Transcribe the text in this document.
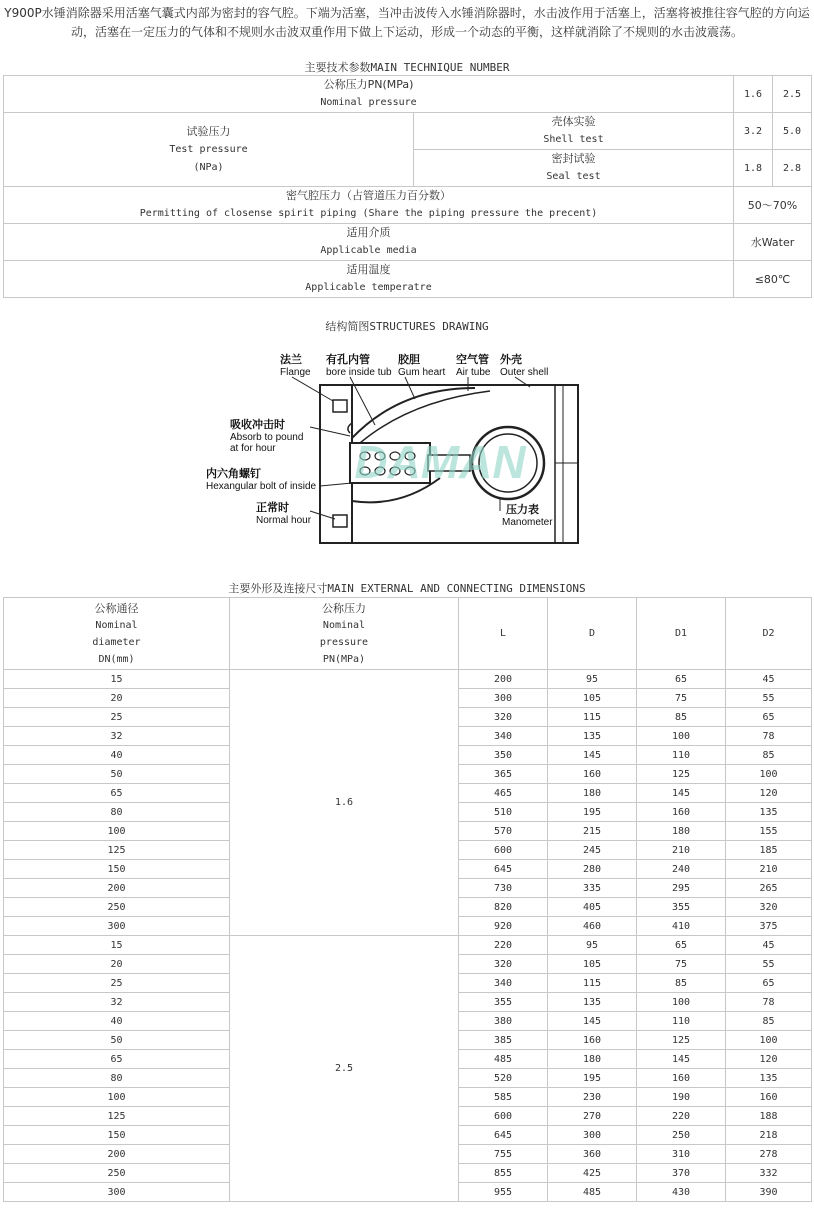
Y900P水锤消除器采用活塞气囊式内部为密封的容气腔。下端为活塞，当冲击波传入水锤消除器时，水击波作用于活塞上，活塞将被推往容气腔的方向运
动，活塞在一定压力的气体和不规则水击波双重作用下做上下运动，形成一个动态的平衡，这样就消除了不规则的水击波震荡。
主要技术参数MAIN TECHNIQUE NUMBER
公称压力PN(MPa)
Nominal pressure		1.6	2.5

试验压力
Test pressure
(NPa)	壳体实验
Shell test	3.2	5.0

	密封试验
Seal test	1.8	2.8

密气腔压力（占管道压力百分数）
Permitting of closense spirit piping (Share the piping pressure the precent)		50～70%	

适用介质
Applicable media		水Water	

适用温度
Applicable temperatre		≤80℃	
结构简图STRUCTURES DRAWING
DAMAN
法兰
Flange
有孔内管
bore inside tub
胶胆
Gum heart
空气管
Air tube
外壳
Outer shell
吸收冲击时
Absorb to pound
at for hour
内六角螺钉
Hexangular bolt of inside
正常时
Normal hour
压力表
Manometer
主要外形及连接尺寸MAIN EXTERNAL AND CONNECTING DIMENSIONS
公称通径
Nominal
diameter
DN(mm)	公称压力
Nominal
pressure
PN(MPa)	L	D	D1	D2
15	1.6	200	95	65	45
20		300	105	75	55
25		320	115	85	65
32		340	135	100	78
40		350	145	110	85
50		365	160	125	100
65		465	180	145	120
80		510	195	160	135
100		570	215	180	155
125		600	245	210	185
150		645	280	240	210
200		730	335	295	265
250		820	405	355	320
300		920	460	410	375
15	2.5	220	95	65	45
20		320	105	75	55
25		340	115	85	65
32		355	135	100	78
40		380	145	110	85
50		385	160	125	100
65		485	180	145	120
80		520	195	160	135
100		585	230	190	160
125		600	270	220	188
150		645	300	250	218
200		755	360	310	278
250		855	425	370	332
300		955	485	430	390
